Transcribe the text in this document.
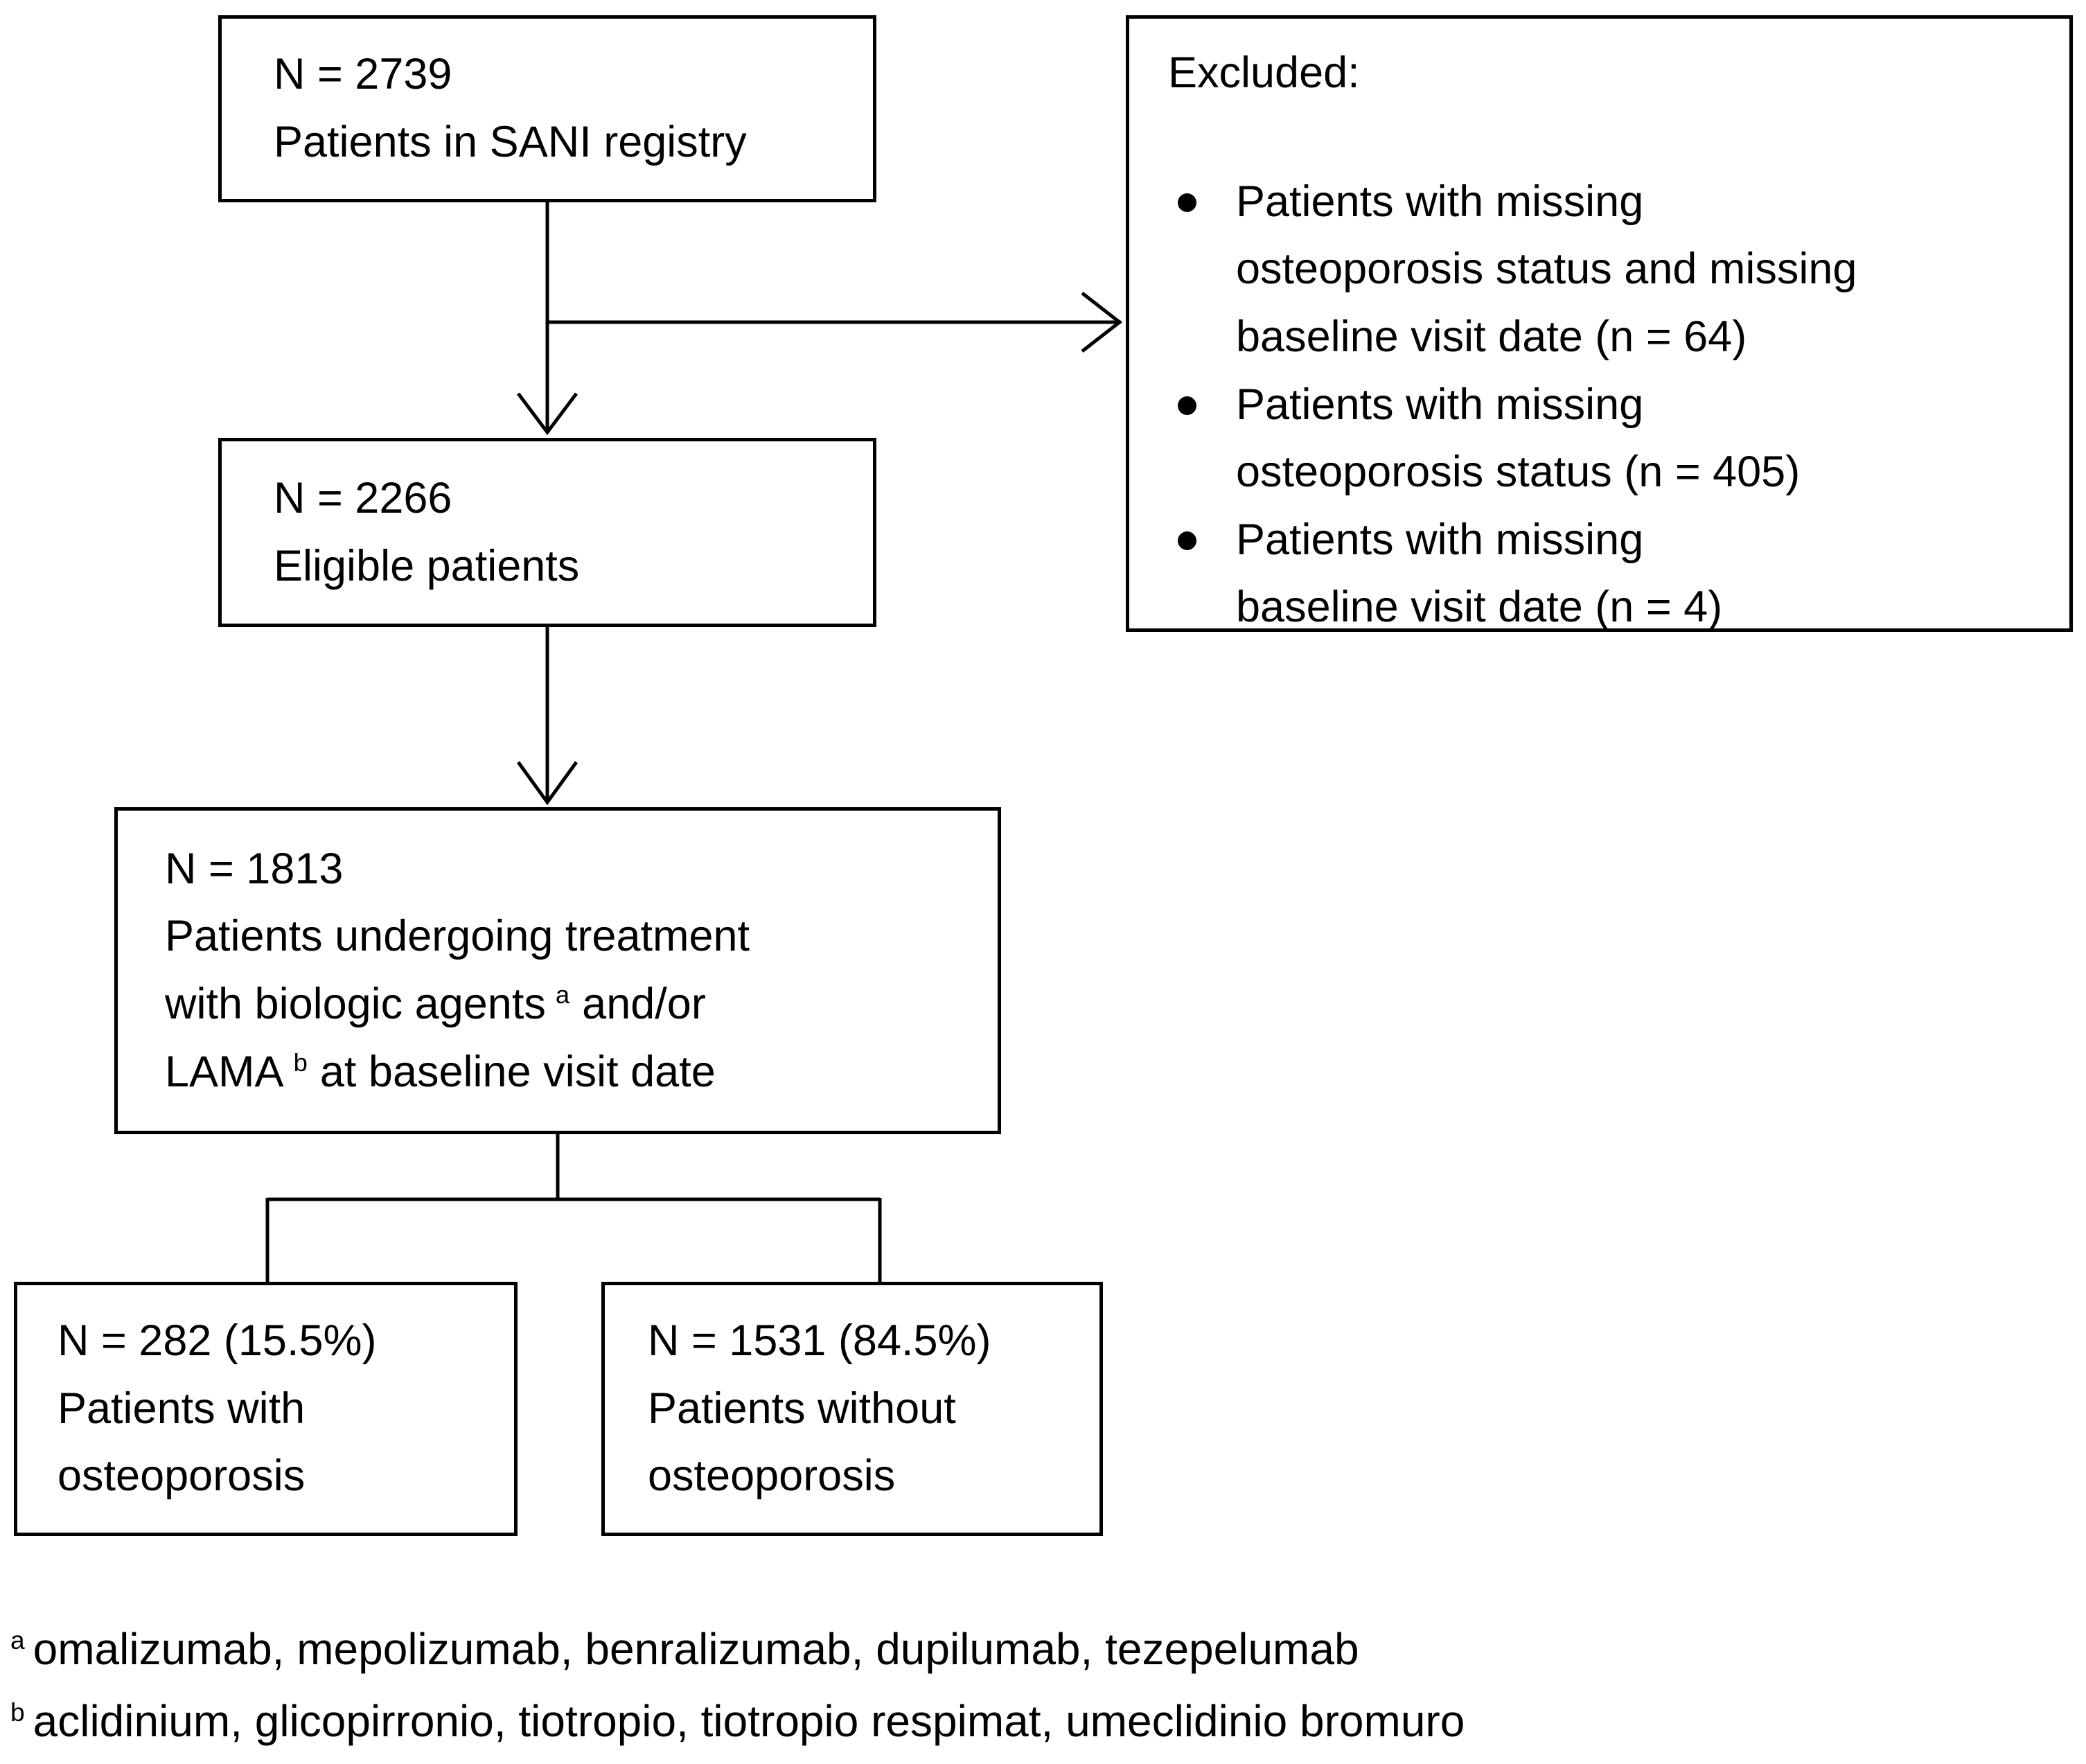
N = 2739
Patients in SANI registry
Excluded:
Patients with missing
osteoporosis status and missing
baseline visit date (n = 64)
Patients with missing
osteoporosis status (n = 405)
Patients with missing
baseline visit date (n = 4)
N = 2266
Eligible patients
N = 1813
Patients undergoing treatment
with biologic agents $^a$ and/or
LAMA $^b$ at baseline visit date
N = 282 (15.5%)
Patients with
osteoporosis
N = 1531 (84.5%)
Patients without
osteoporosis
$^a$ omalizumab, mepolizumab, benralizumab, dupilumab, tezepelumab
$^b$ aclidinium, glicopirronio, tiotropio, tiotropio respimat, umeclidinio bromuro
